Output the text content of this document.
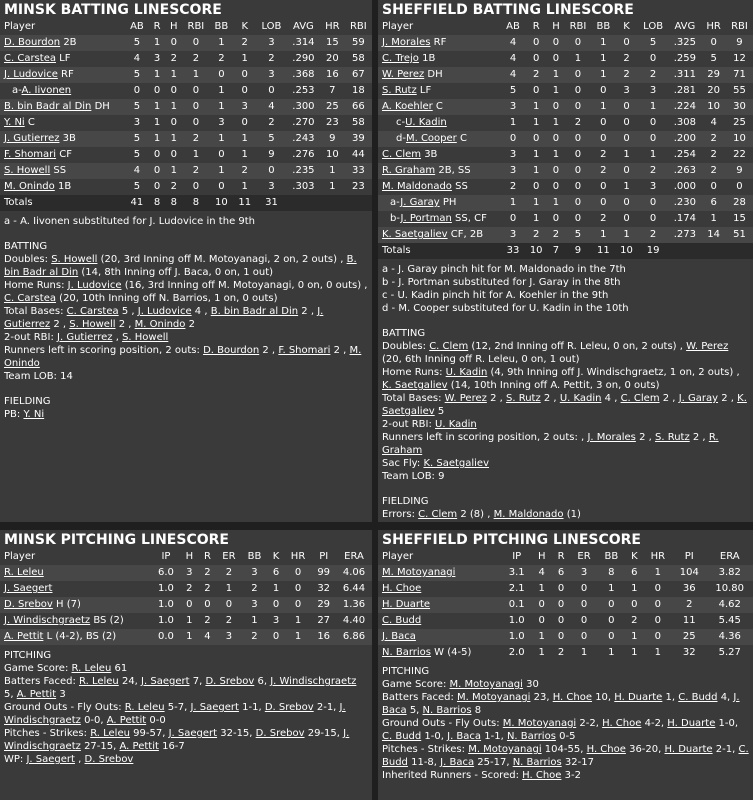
MINSK BATTING LINESCORE
Player	AB	R	H	RBI	BB	K	LOB	AVG	HR	RBI
D. Bourdon 2B	5	1	0	0	1	2	3	.314	15	59
C. Carstea LF	4	3	2	2	2	1	2	.290	20	58
J. Ludovice RF	5	1	1	1	0	0	3	.368	16	67
a-A. Iivonen	0	0	0	0	1	0	0	.253	7	18
B. bin Badr al Din DH	5	1	1	0	1	3	4	.300	25	66
Y. Ni C	3	1	0	0	3	0	2	.270	23	58
J. Gutierrez 3B	5	1	1	2	1	1	5	.243	9	39
F. Shomari CF	5	0	0	1	0	1	9	.276	10	44
S. Howell SS	4	0	1	2	1	2	0	.235	1	33
M. Onindo 1B	5	0	2	0	0	1	3	.303	1	23
Totals	41	8	8	8	10	11	31			

a - A. Iivonen substituted for J. Ludovice in the 9th

BATTING

Doubles: S. Howell (20, 3rd Inning off M. Motoyanagi, 2 on, 2 outs) , B. bin Badr al Din (14, 8th Inning off J. Baca, 0 on, 1 out)

Home Runs: J. Ludovice (16, 3rd Inning off M. Motoyanagi, 0 on, 0 outs) , C. Carstea (20, 10th Inning off N. Barrios, 1 on, 0 outs)

Total Bases: C. Carstea 5 , J. Ludovice 4 , B. bin Badr al Din 2 , J. Gutierrez 2 , S. Howell 2 , M. Onindo 2

2-out RBI: J. Gutierrez , S. Howell

Runners left in scoring position, 2 outs: D. Bourdon 2 , F. Shomari 2 , M. Onindo

Team LOB: 14

FIELDING

PB: Y. Ni

SHEFFIELD BATTING LINESCORE
Player	AB	R	H	RBI	BB	K	LOB	AVG	HR	RBI
J. Morales RF	4	0	0	0	1	0	5	.325	0	9
C. Trejo 1B	4	0	0	1	1	2	0	.259	5	12
W. Perez DH	4	2	1	0	1	2	2	.311	29	71
S. Rutz LF	5	0	1	0	0	3	3	.281	20	55
A. Koehler C	3	1	0	0	1	0	1	.224	10	30
c-U. Kadin	1	1	1	2	0	0	0	.308	4	25
d-M. Cooper C	0	0	0	0	0	0	0	.200	2	10
C. Clem 3B	3	1	1	0	2	1	1	.254	2	22
R. Graham 2B, SS	3	1	0	0	2	0	2	.263	2	9
M. Maldonado SS	2	0	0	0	0	1	3	.000	0	0
a-J. Garay PH	1	1	1	0	0	0	0	.230	6	28
b-J. Portman SS, CF	0	1	0	0	2	0	0	.174	1	15
K. Saetgaliev CF, 2B	3	2	2	5	1	1	2	.273	14	51
Totals	33	10	7	9	11	10	19			

a - J. Garay pinch hit for M. Maldonado in the 7th

b - J. Portman substituted for J. Garay in the 8th

c - U. Kadin pinch hit for A. Koehler in the 9th

d - M. Cooper substituted for U. Kadin in the 10th

BATTING

Doubles: C. Clem (12, 2nd Inning off R. Leleu, 0 on, 2 outs) , W. Perez (20, 6th Inning off R. Leleu, 0 on, 1 out)

Home Runs: U. Kadin (4, 9th Inning off J. Windischgraetz, 1 on, 2 outs) , K. Saetgaliev (14, 10th Inning off A. Pettit, 3 on, 0 outs)

Total Bases: W. Perez 2 , S. Rutz 2 , U. Kadin 4 , C. Clem 2 , J. Garay 2 , K. Saetgaliev 5

2-out RBI: U. Kadin

Runners left in scoring position, 2 outs: , J. Morales 2 , S. Rutz 2 , R. Graham

Sac Fly: K. Saetgaliev

Team LOB: 9

FIELDING

Errors: C. Clem 2 (8) , M. Maldonado (1)

MINSK PITCHING LINESCORE
Player	IP	H	R	ER	BB	K	HR	PI	ERA
R. Leleu	6.0	3	2	2	3	6	0	99	4.06
J. Saegert	1.0	2	2	1	2	1	0	32	6.44
D. Srebov H (7)	1.0	0	0	0	3	0	0	29	1.36
J. Windischgraetz BS (2)	1.0	1	2	2	1	3	1	27	4.40
A. Pettit L (4-2), BS (2)	0.0	1	4	3	2	0	1	16	6.86

PITCHING

Game Score: R. Leleu 61

Batters Faced: R. Leleu 24, J. Saegert 7, D. Srebov 6, J. Windischgraetz 5, A. Pettit 3

Ground Outs - Fly Outs: R. Leleu 5-7, J. Saegert 1-1, D. Srebov 2-1, J. Windischgraetz 0-0, A. Pettit 0-0

Pitches - Strikes: R. Leleu 99-57, J. Saegert 32-15, D. Srebov 29-15, J. Windischgraetz 27-15, A. Pettit 16-7

WP: J. Saegert , D. Srebov

SHEFFIELD PITCHING LINESCORE
Player	IP	H	R	ER	BB	K	HR	PI	ERA
M. Motoyanagi	3.1	4	6	3	8	6	1	104	3.82
H. Choe	2.1	1	0	0	1	1	0	36	10.80
H. Duarte	0.1	0	0	0	0	0	0	2	4.62
C. Budd	1.0	0	0	0	0	2	0	11	5.45
J. Baca	1.0	1	0	0	0	1	0	25	4.36
N. Barrios W (4-5)	2.0	1	2	1	1	1	1	32	5.27

PITCHING

Game Score: M. Motoyanagi 30

Batters Faced: M. Motoyanagi 23, H. Choe 10, H. Duarte 1, C. Budd 4, J. Baca 5, N. Barrios 8

Ground Outs - Fly Outs: M. Motoyanagi 2-2, H. Choe 4-2, H. Duarte 1-0, C. Budd 1-0, J. Baca 1-1, N. Barrios 0-5

Pitches - Strikes: M. Motoyanagi 104-55, H. Choe 36-20, H. Duarte 2-1, C. Budd 11-8, J. Baca 25-17, N. Barrios 32-17

Inherited Runners - Scored: H. Choe 3-2
